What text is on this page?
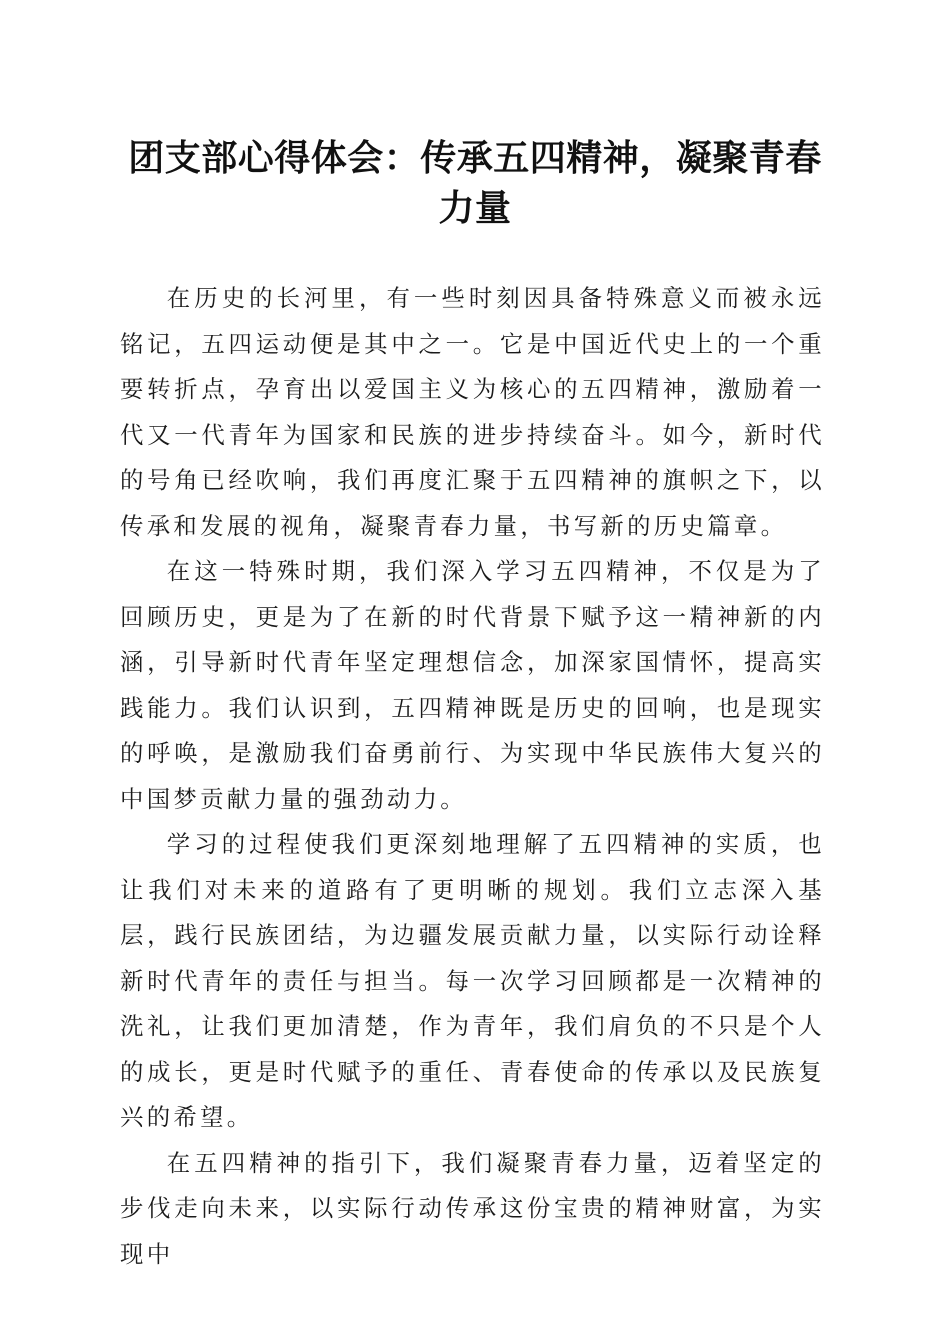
团支部心得体会：传承五四精神，凝聚青春力量

在历史的长河里，有一些时刻因具备特殊意义而被永远铭记，五四运动便是其中之一。它是中国近代史上的一个重要转折点，孕育出以爱国主义为核心的五四精神，激励着一代又一代青年为国家和民族的进步持续奋斗。如今，新时代的号角已经吹响，我们再度汇聚于五四精神的旗帜之下，以传承和发展的视角，凝聚青春力量，书写新的历史篇章。

在这一特殊时期，我们深入学习五四精神，不仅是为了回顾历史，更是为了在新的时代背景下赋予这一精神新的内涵，引导新时代青年坚定理想信念，加深家国情怀，提高实践能力。我们认识到，五四精神既是历史的回响，也是现实的呼唤，是激励我们奋勇前行、为实现中华民族伟大复兴的中国梦贡献力量的强劲动力。

学习的过程使我们更深刻地理解了五四精神的实质，也让我们对未来的道路有了更明晰的规划。我们立志深入基层，践行民族团结，为边疆发展贡献力量，以实际行动诠释新时代青年的责任与担当。每一次学习回顾都是一次精神的洗礼，让我们更加清楚，作为青年，我们肩负的不只是个人的成长，更是时代赋予的重任、青春使命的传承以及民族复兴的希望。

在五四精神的指引下，我们凝聚青春力量，迈着坚定的步伐走向未来，以实际行动传承这份宝贵的精神财富，为实现中
